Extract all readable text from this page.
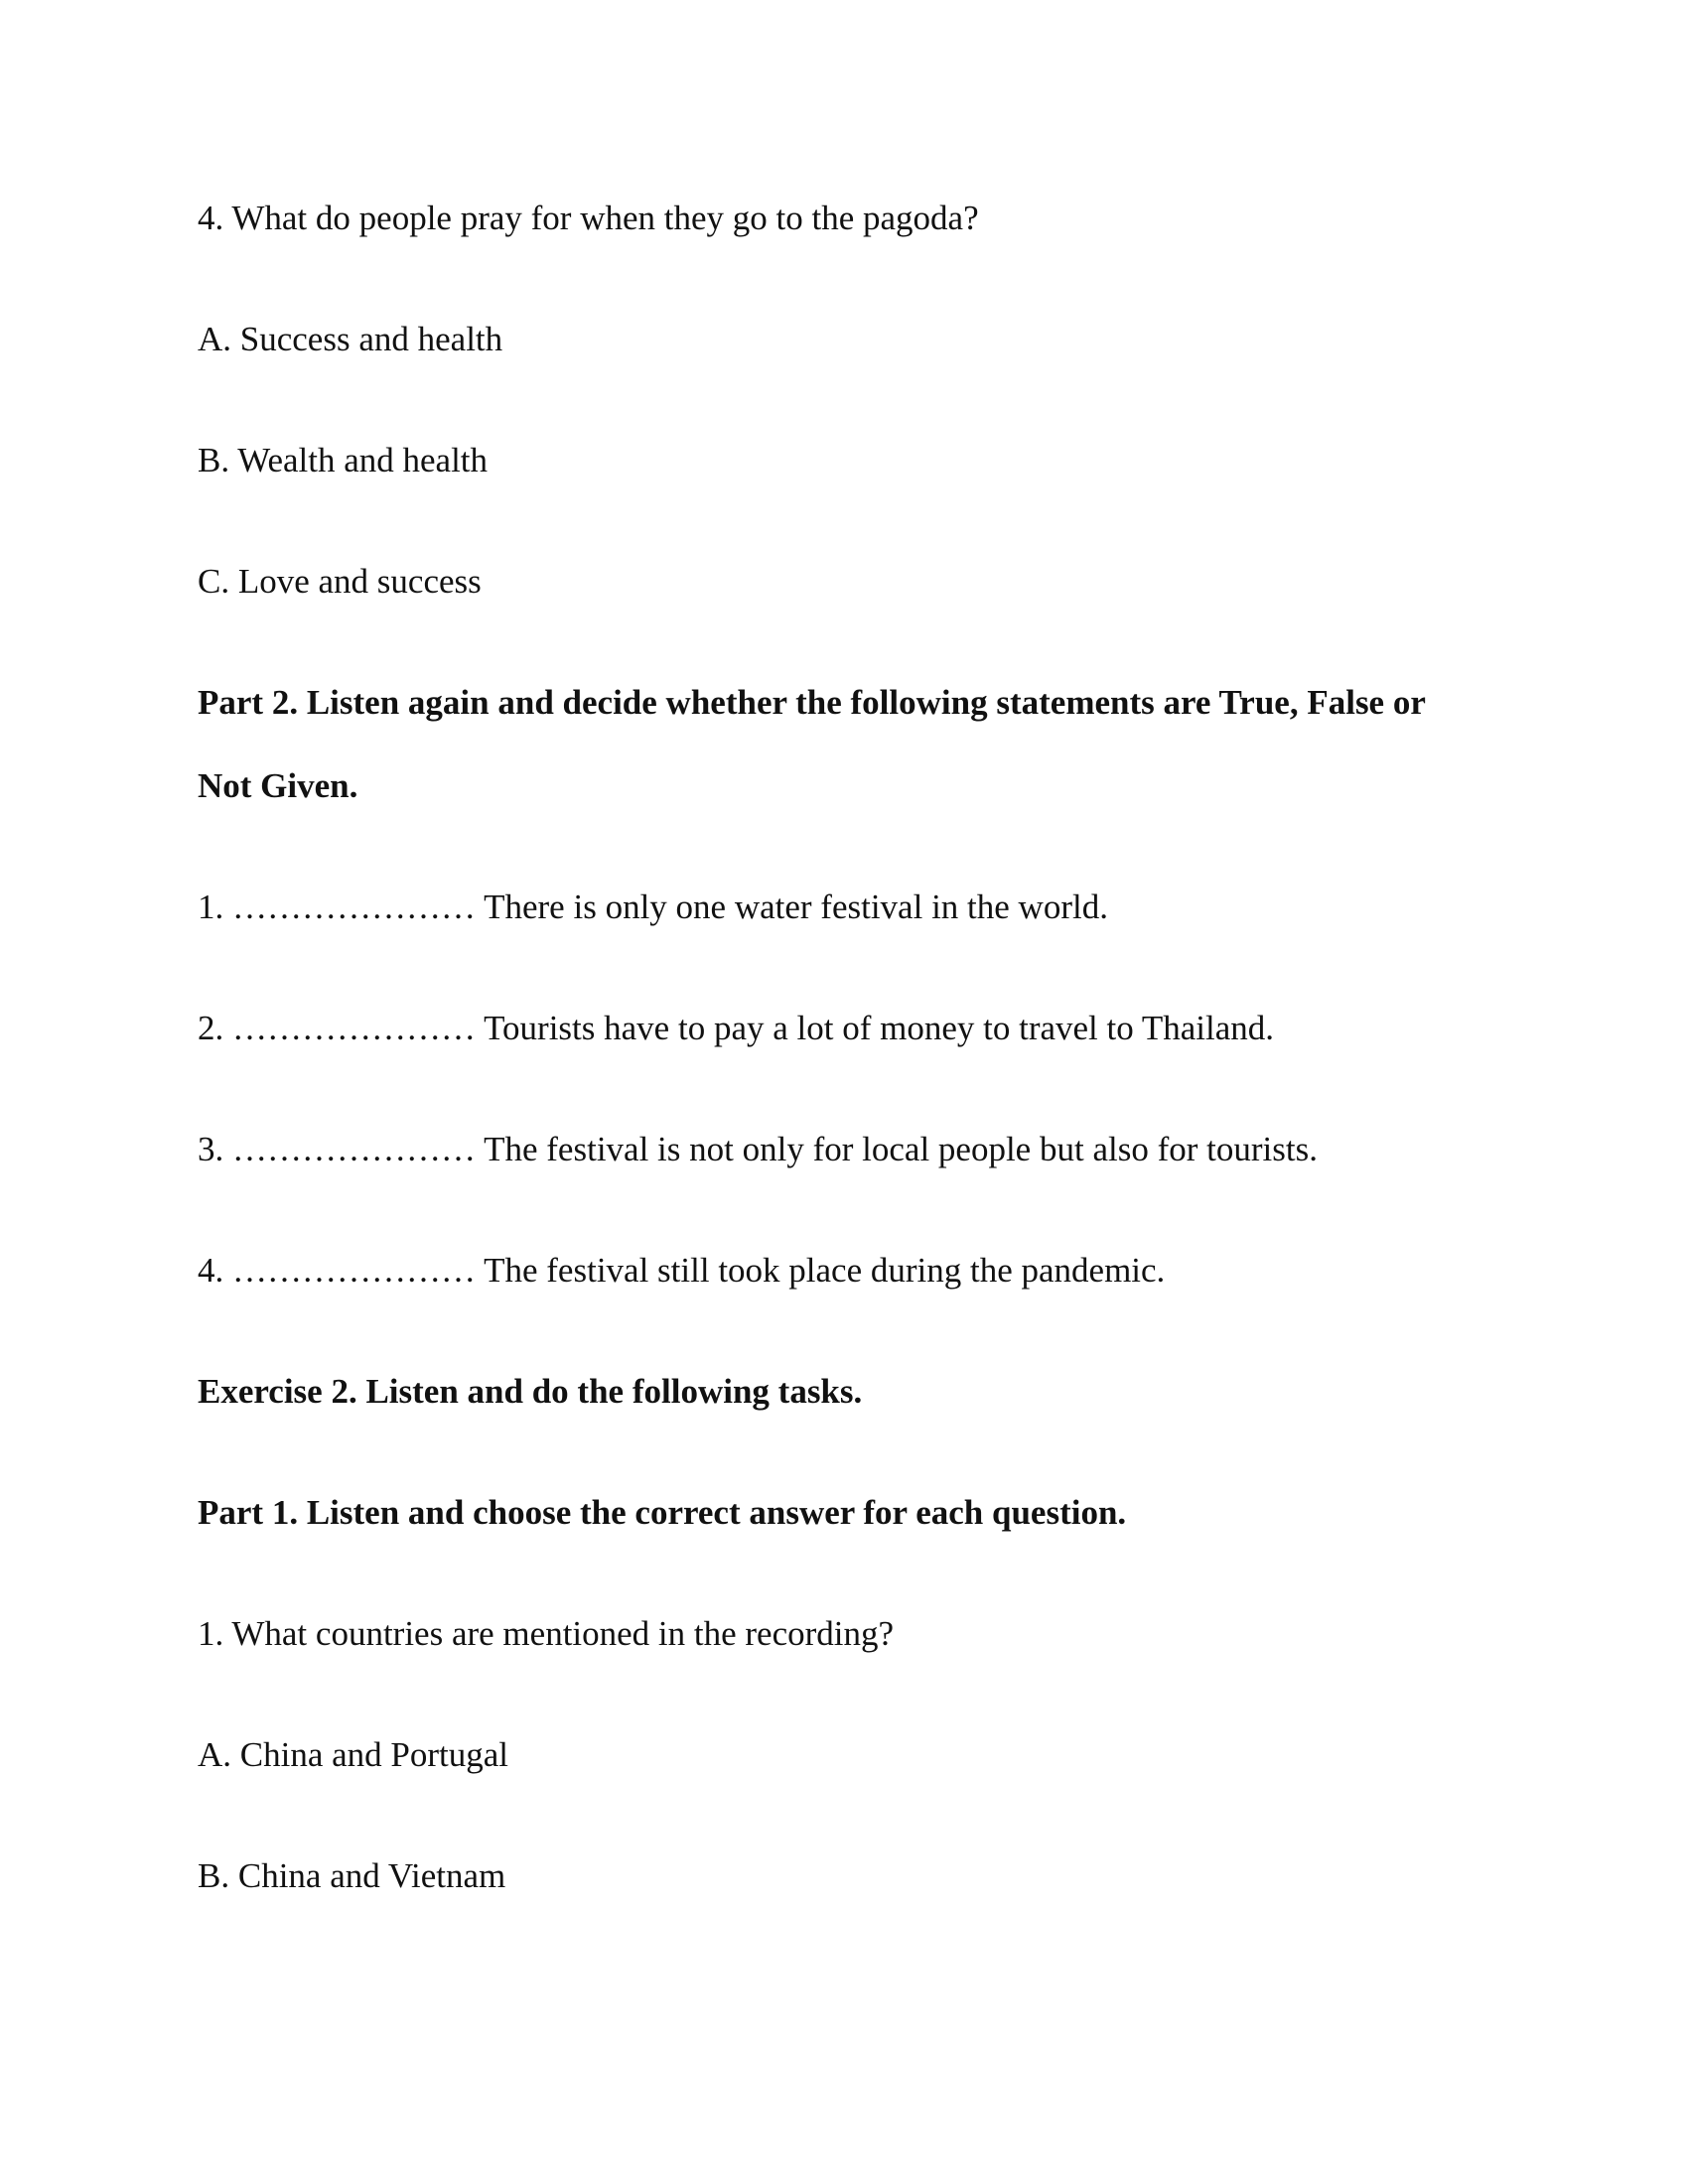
4. What do people pray for when they go to the pagoda?
A. Success and health
B. Wealth and health
C. Love and success
Part 2. Listen again and decide whether the following statements are True, False or
Not Given.
1. ………………… There is only one water festival in the world.
2. ………………… Tourists have to pay a lot of money to travel to Thailand.
3. ………………… The festival is not only for local people but also for tourists.
4. ………………… The festival still took place during the pandemic.
Exercise 2. Listen and do the following tasks.
Part 1. Listen and choose the correct answer for each question.
1. What countries are mentioned in the recording?
A. China and Portugal
B. China and Vietnam
